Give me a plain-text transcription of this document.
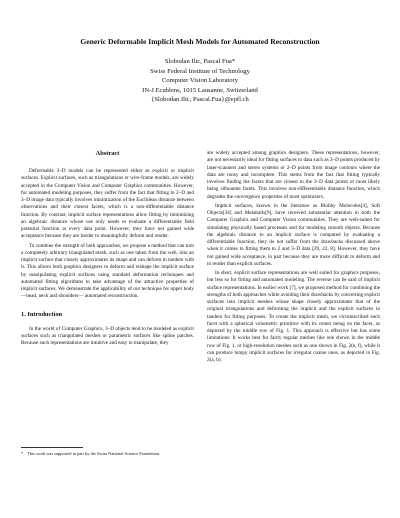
Generic Deformable Implicit Mesh Models for Automated Reconstruction
Slobodan Ilic, Pascal Fua*
Swiss Federal Institute of Technology
Computer Vision Laboratory
IN-J Ecublens, 1015 Lausanne, Switzerland
{Slobodan.Ilic, Pascal.Fua}@epfl.ch
Abstract

Deformable 3–D models can be represented either as explicit or implicit surfaces. Explicit surfaces, such as triangulations or wire-frame models, are widely accepted in the Computer Vision and Computer Graphics communities. However, for automated modeling purposes, they suffer from the fact that fitting to 2–D and 3–D image data typically involves minimization of the Euclidean distance between observations and their closest facets, which is a non-differentiable distance function. By contrast, implicit surface representations allow fitting by minimizing an algebraic distance whose use only needs to evaluate a differentiable field potential function at every data point. However, they have not gained wide acceptance because they are harder to meaningfully deform and render.

To combine the strength of both approaches, we propose a method that can turn a completely arbitrary triangulated mesh, such as one taken from the web, into an implicit surface that closely approximates its shape and can deform in tandem with it. This allows both graphics designers to deform and reshape the implicit surface by manipulating explicit surfaces using standard deformation techniques and automated fitting algorithms to take advantage of the attractive properties of implicit surfaces. We demonstrate the applicability of our technique for upper body—head, neck and shoulders— automated reconstruction.

1. Introduction

In the world of Computer Graphics, 3–D objects tend to be modeled as explicit surfaces such as triangulated meshes or parametric surfaces like spline patches. Because such representations are intuitive and easy to manipulate, they

* This work was supported in part by the Swiss National Science Foundation.

are widely accepted among graphics designers. These representations, however, are not necessarily ideal for fitting surfaces to data such as 3–D points produced by laser-scanners and stereo systems or 2–D points from image contours where the data are noisy and incomplete. This stems from the fact that fitting typically involves finding the facets that are closest to the 3–D data points or most likely being silhouette facets. This involves non-differentiable distance function, which degrades the convergence properties of most optimizers.

Implicit surfaces, known in the literature as Blobby Molecules[4], Soft Objects[34] and Metaballs[9], have received substantial attention in both the Computer Graphics and Computer Vision communities. They are well-suited for simulating physically based processes and for modeling smooth objects. Because the algebraic distance to an implicit surface is computed by evaluating a differentiable function, they do not suffer from the drawbacks discussed above when it comes to fitting them to 2 and 3–D data [29, 22, 8]. However, they have not gained wide acceptance, in part because they are more difficult to deform and to render than explicit surfaces.

In short, explicit surface representations are well suited for graphics purposes, but less so for fitting and automated modeling. The reverse can be said of implicit surface representations. In earlier work [7], we proposed method for combining the strengths of both approaches while avoiding their drawbacks by converting explicit surfaces into implicit meshes whose shape closely approximates that of the original triangulations and deforming the implicit and the explicit surfaces in tandem for fitting purposes. To create the implicit mesh, we circumscribed each facet with a spherical volumetric primitive with its center being on the facet, as depicted by the middle row of Fig. 1. This approach is effective but has some limitations: It works best for fairly regular meshes like one shown in the middle row of Fig. 1, or high-resolution meshes such as one shown in Fig. 2(e, f), while it can produce lumpy implicit surfaces for irregular coarse ones, as depicted in Fig. 2(a, b).
